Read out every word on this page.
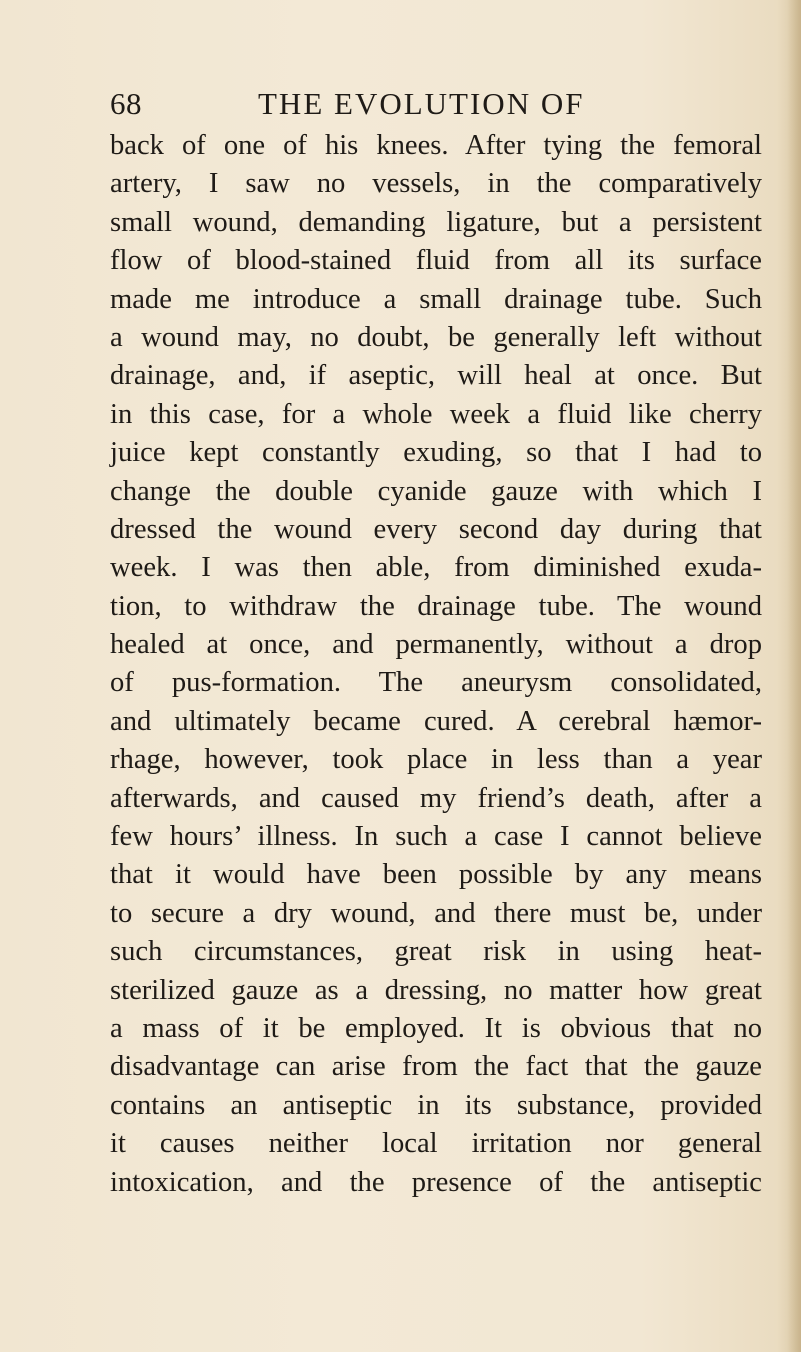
68	THE EVOLUTION OF
back of one of his knees. After tying the femoral
artery, I saw no vessels, in the comparatively
small wound, demanding ligature, but a persistent
flow of blood-stained fluid from all its surface
made me introduce a small drainage tube. Such
a wound may, no doubt, be generally left without
drainage, and, if aseptic, will heal at once. But
in this case, for a whole week a fluid like cherry
juice kept constantly exuding, so that I had to
change the double cyanide gauze with which I
dressed the wound every second day during that
week. I was then able, from diminished exuda-
tion, to withdraw the drainage tube. The wound
healed at once, and permanently, without a drop
of pus-formation. The aneurysm consolidated,
and ultimately became cured. A cerebral hæmor-
rhage, however, took place in less than a year
afterwards, and caused my friend’s death, after a
few hours’ illness. In such a case I cannot believe
that it would have been possible by any means
to secure a dry wound, and there must be, under
such circumstances, great risk in using heat-
sterilized gauze as a dressing, no matter how great
a mass of it be employed. It is obvious that no
disadvantage can arise from the fact that the gauze
contains an antiseptic in its substance, provided
it causes neither local irritation nor general
intoxication, and the presence of the antiseptic
